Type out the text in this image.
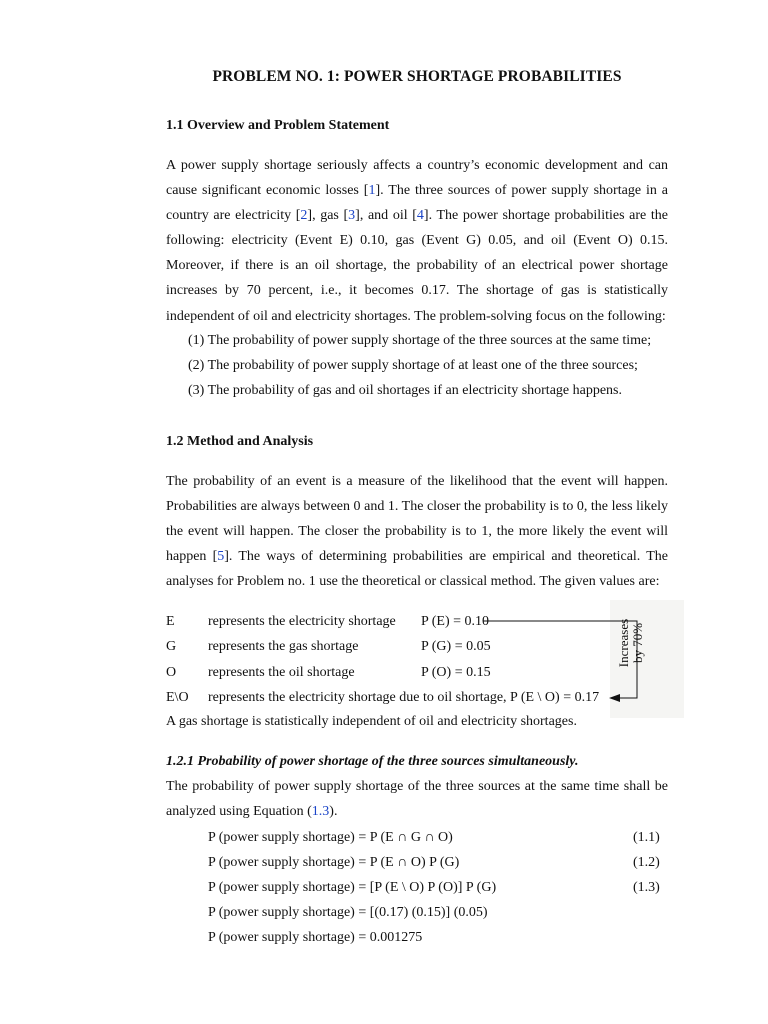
PROBLEM NO. 1: POWER SHORTAGE PROBABILITIES
1.1 Overview and Problem Statement
A power supply shortage seriously affects a country’s economic development and can
cause significant economic losses [1]. The three sources of power supply shortage in a
country are electricity [2], gas [3], and oil [4]. The power shortage probabilities are the
following: electricity (Event E) 0.10, gas (Event G) 0.05, and oil (Event O) 0.15.
Moreover, if there is an oil shortage, the probability of an electrical power shortage
increases by 70 percent, i.e., it becomes 0.17. The shortage of gas is statistically
independent of oil and electricity shortages. The problem-solving focus on the following:
(1) The probability of power supply shortage of the three sources at the same time;
(2) The probability of power supply shortage of at least one of the three sources;
(3) The probability of gas and oil shortages if an electricity shortage happens.
1.2 Method and Analysis
The probability of an event is a measure of the likelihood that the event will happen.
Probabilities are always between 0 and 1. The closer the probability is to 0, the less likely
the event will happen. The closer the probability is to 1, the more likely the event will
happen [5]. The ways of determining probabilities are empirical and theoretical. The
analyses for Problem no. 1 use the theoretical or classical method. The given values are:
Increases by 70%
E represents the electricity shortage P (E) = 0.10
G represents the gas shortage	P (G) = 0.05
O represents the oil shortage	P (O) = 0.15
E\O represents the electricity shortage due to oil shortage, P (E \ O) = 0.17
A gas shortage is statistically independent of oil and electricity shortages.
1.2.1 Probability of power shortage of the three sources simultaneously.
The probability of power supply shortage of the three sources at the same time shall be
analyzed using Equation (1.3).
P (power supply shortage) = P (E ∩ G ∩ O)	(1.1)
P (power supply shortage) = P (E ∩ O) P (G)	(1.2)
P (power supply shortage) = [P (E \ O) P (O)] P (G)	(1.3)
P (power supply shortage) = [(0.17) (0.15)] (0.05)
P (power supply shortage) = 0.001275
